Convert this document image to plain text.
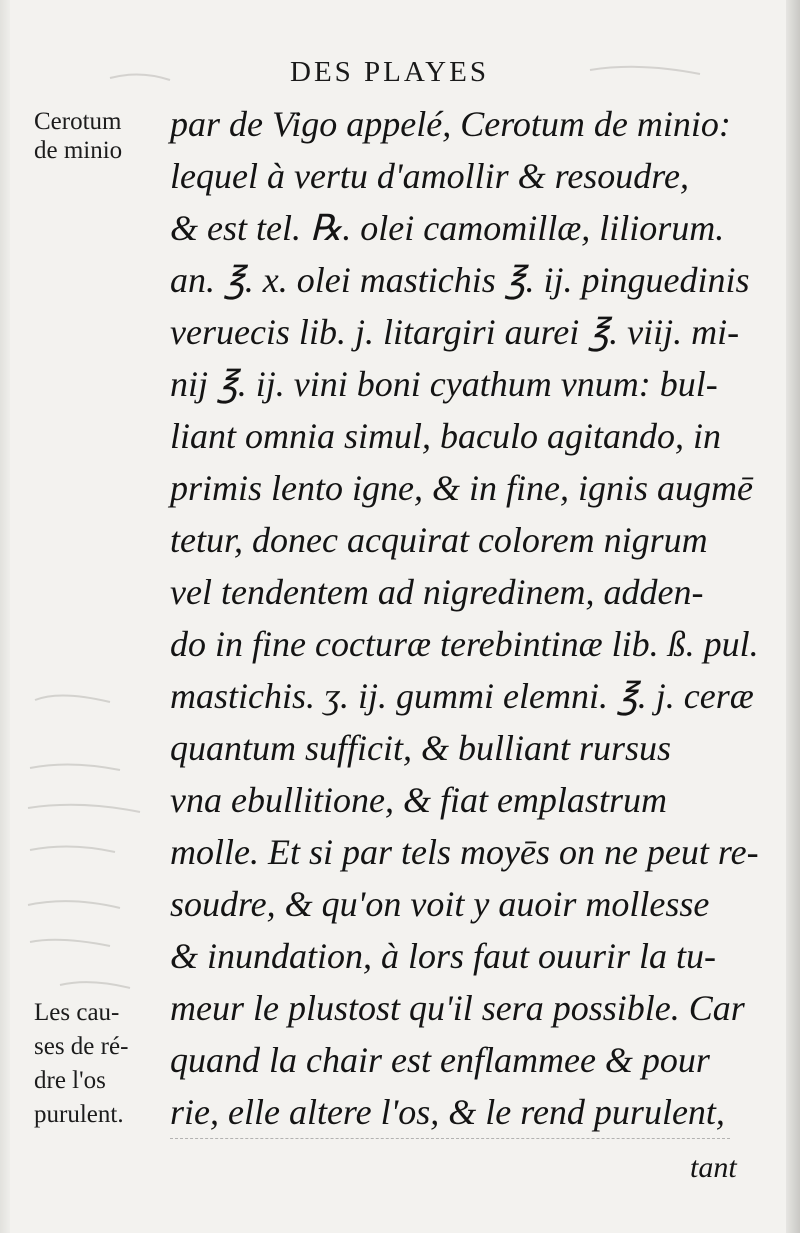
DES PLAYES
Cerotum
de minio
Les cau-
ses de ré-
dre l'os
purulent.
par de Vigo appelé, Cerotum de minio:
lequel à vertu d'amollir & resoudre,
& est tel. ℞. olei camomillæ, liliorum.
an. ℥. x. olei mastichis ℥. ij. pinguedinis
veruecis lib. j. litargiri aurei ℥. viij. mi-
nij ℥. ij. vini boni cyathum vnum: bul-
liant omnia simul, baculo agitando, in
primis lento igne, & in fine, ignis augmē
tetur, donec acquirat colorem nigrum
vel tendentem ad nigredinem, adden-
do in fine cocturæ terebintinæ lib. ß. pul.
mastichis. ʒ. ij. gummi elemni. ℥. j. ceræ
quantum sufficit, & bulliant rursus
vna ebullitione, & fiat emplastrum
molle. Et si par tels moyēs on ne peut re-
soudre, & qu'on voit y auoir mollesse
& inundation, à lors faut ouurir la tu-
meur le plustost qu'il sera possible. Car
quand la chair est enflammee & pour
rie, elle altere l'os, & le rend purulent,
tant
